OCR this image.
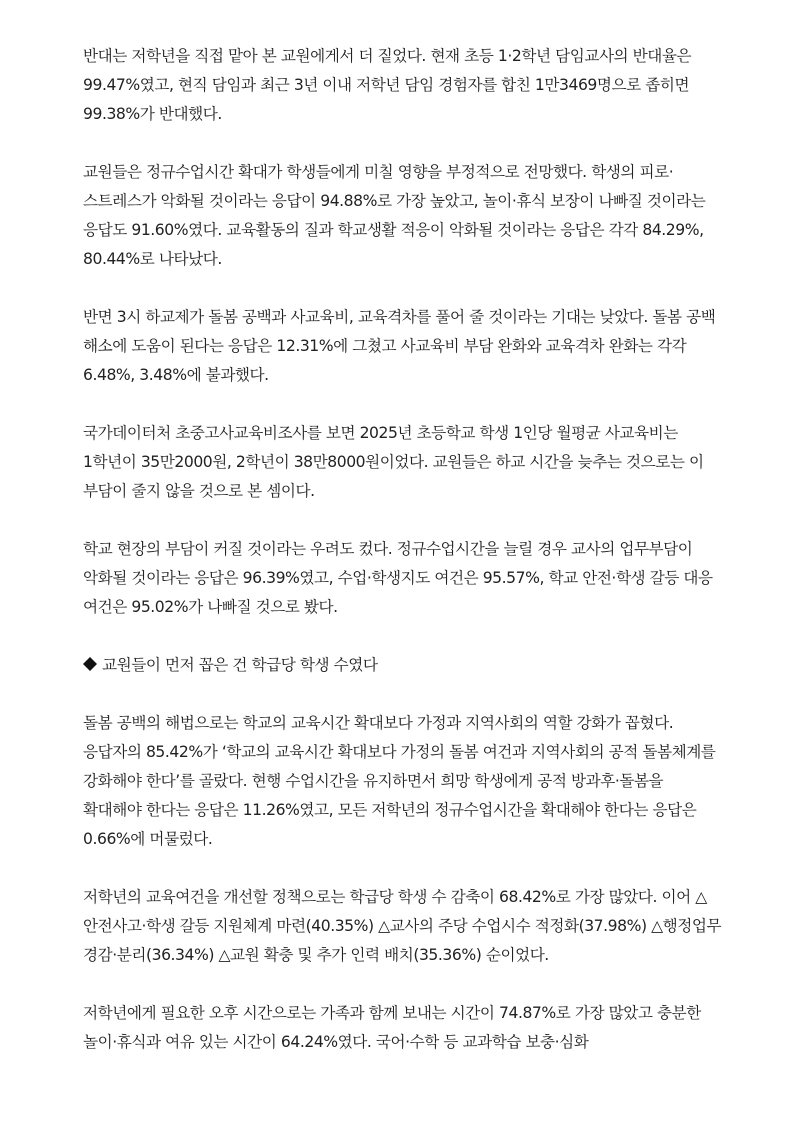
반대는 저학년을 직접 맡아 본 교원에게서 더 짙었다. 현재 초등 1·2학년 담임교사의 반대율은 99.47%였고, 현직 담임과 최근 3년 이내 저학년 담임 경험자를 합친 1만3469명으로 좁히면 99.38%가 반대했다.

교원들은 정규수업시간 확대가 학생들에게 미칠 영향을 부정적으로 전망했다. 학생의 피로·스트레스가 악화될 것이라는 응답이 94.88%로 가장 높았고, 놀이·휴식 보장이 나빠질 것이라는 응답도 91.60%였다. 교육활동의 질과 학교생활 적응이 악화될 것이라는 응답은 각각 84.29%, 80.44%로 나타났다.

반면 3시 하교제가 돌봄 공백과 사교육비, 교육격차를 풀어 줄 것이라는 기대는 낮았다. 돌봄 공백 해소에 도움이 된다는 응답은 12.31%에 그쳤고 사교육비 부담 완화와 교육격차 완화는 각각 6.48%, 3.48%에 불과했다.

국가데이터처 초중고사교육비조사를 보면 2025년 초등학교 학생 1인당 월평균 사교육비는 1학년이 35만2000원, 2학년이 38만8000원이었다. 교원들은 하교 시간을 늦추는 것으로는 이 부담이 줄지 않을 것으로 본 셈이다.

학교 현장의 부담이 커질 것이라는 우려도 컸다. 정규수업시간을 늘릴 경우 교사의 업무부담이 악화될 것이라는 응답은 96.39%였고, 수업·학생지도 여건은 95.57%, 학교 안전·학생 갈등 대응 여건은 95.02%가 나빠질 것으로 봤다.

교원들이 먼저 꼽은 건 학급당 학생 수였다

돌봄 공백의 해법으로는 학교의 교육시간 확대보다 가정과 지역사회의 역할 강화가 꼽혔다. 응답자의 85.42%가 ‘학교의 교육시간 확대보다 가정의 돌봄 여건과 지역사회의 공적 돌봄체계를 강화해야 한다’를 골랐다. 현행 수업시간을 유지하면서 희망 학생에게 공적 방과후·돌봄을 확대해야 한다는 응답은 11.26%였고, 모든 저학년의 정규수업시간을 확대해야 한다는 응답은 0.66%에 머물렀다.

저학년의 교육여건을 개선할 정책으로는 학급당 학생 수 감축이 68.42%로 가장 많았다. 이어 △안전사고·학생 갈등 지원체계 마련(40.35%) △교사의 주당 수업시수 적정화(37.98%) △행정업무 경감·분리(36.34%) △교원 확충 및 추가 인력 배치(35.36%) 순이었다.

저학년에게 필요한 오후 시간으로는 가족과 함께 보내는 시간이 74.87%로 가장 많았고 충분한 놀이·휴식과 여유 있는 시간이 64.24%였다. 국어·수학 등 교과학습 보충·심화
